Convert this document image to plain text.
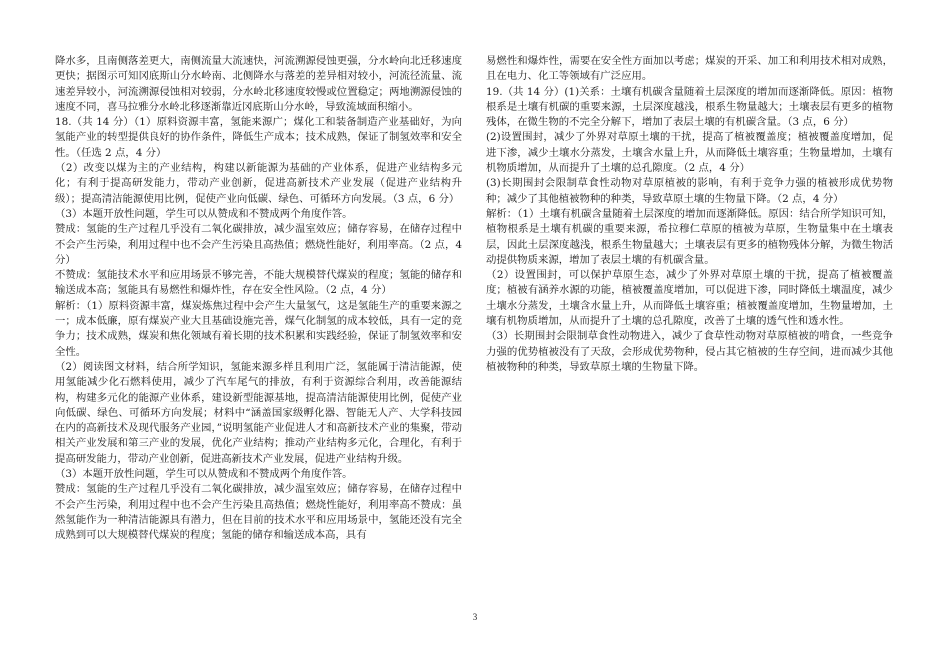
降水多，且南侧落差更大，南侧流量大流速快，河流溯源侵蚀更强，分水岭向北迁移速度更快；据图示可知冈底斯山分水岭南、北侧降水与落差的差异相对较小，河流径流量、流速差异较小，河流溯源侵蚀相对较弱，分水岭北移速度较慢或位置稳定；两地溯源侵蚀的速度不同，喜马拉雅分水岭北移逐渐靠近冈底斯山分水岭，导致流域面积缩小。

18.（共 14 分）（1）原料资源丰富，氢能来源广；煤化工和装备制造产业基础好，为向氢能产业的转型提供良好的协作条件，降低生产成本；技术成熟，保证了制氢效率和安全性。（任选 2 点，4 分）

（2）改变以煤为主的产业结构，构建以新能源为基础的产业体系，促进产业结构多元化；有利于提高研发能力，带动产业创新，促进高新技术产业发展（促进产业结构升级）；提高清洁能源使用比例，促使产业向低碳、绿色、可循环方向发展。（3 点，6 分）

（3）本题开放性问题，学生可以从赞成和不赞成两个角度作答。

赞成：氢能的生产过程几乎没有二氧化碳排放，减少温室效应；储存容易，在储存过程中不会产生污染，利用过程中也不会产生污染且高热值；燃烧性能好，利用率高。（2 点，4 分）

不赞成：氢能技术水平和应用场景不够完善，不能大规模替代煤炭的程度；氢能的储存和输送成本高；氢能具有易燃性和爆炸性，存在安全性风险。（2 点，4 分）

解析：（1）原料资源丰富，煤炭炼焦过程中会产生大量氢气，这是氢能生产的重要来源之一；成本低廉，原有煤炭产业大且基础设施完善，煤气化制氢的成本较低，具有一定的竞争力；技术成熟，煤炭和焦化领域有着长期的技术积累和实践经验，保证了制氢效率和安全性。

（2）阅读图文材料，结合所学知识，氢能来源多样且利用广泛，氢能属于清洁能源，使用氢能减少化石燃料使用，减少了汽车尾气的排放，有利于资源综合利用，改善能源结构，构建多元化的能源产业体系，建设新型能源基地，提高清洁能源使用比例，促使产业向低碳、绿色、可循环方向发展；材料中“涵盖国家级孵化器、智能无人产、大学科技园在内的高新技术及现代服务产业园，”说明氢能产业促进人才和高新技术产业的集聚，带动相关产业发展和第三产业的发展，优化产业结构；推动产业结构多元化，合理化，有利于提高研发能力，带动产业创新，促进高新技术产业发展，促进产业结构升级。

（3）本题开放性问题，学生可以从赞成和不赞成两个角度作答。

赞成：氢能的生产过程几乎没有二氧化碳排放，减少温室效应；储存容易，在储存过程中不会产生污染，利用过程中也不会产生污染且高热值；燃烧性能好，利用率高不赞成：虽然氢能作为一种清洁能源具有潜力，但在目前的技术水平和应用场景中，氢能还没有完全成熟到可以大规模替代煤炭的程度；氢能的储存和输送成本高，具有

易燃性和爆炸性，需要在安全性方面加以考虑；煤炭的开采、加工和利用技术相对成熟，且在电力、化工等领域有广泛应用。

19.（共 14 分）(1)关系：土壤有机碳含量随着土层深度的增加而逐渐降低。原因：植物根系是土壤有机碳的重要来源，土层深度越浅，根系生物量越大；土壤表层有更多的植物残体，在微生物的不完全分解下，增加了表层土壤的有机碳含量。（3 点，6 分）

(2)设置围封，减少了外界对草原土壤的干扰，提高了植被覆盖度；植被覆盖度增加，促进下渗，减少土壤水分蒸发，土壤含水量上升，从而降低土壤容重；生物量增加，土壤有机物质增加，从而提升了土壤的总孔隙度。（2 点，4 分）

(3)长期围封会限制草食性动物对草原植被的影响，有利于竞争力强的植被形成优势物种；减少了其他植被物种的种类，导致草原土壤的生物量下降。（2 点，4 分）

解析：（1）土壤有机碳含量随着土层深度的增加而逐渐降低。原因：结合所学知识可知，植物根系是土壤有机碳的重要来源，希拉穆仁草原的植被为草原，生物量集中在土壤表层，因此土层深度越浅，根系生物量越大；土壤表层有更多的植物残体分解，为微生物活动提供物质来源，增加了表层土壤的有机碳含量。

（2）设置围封，可以保护草原生态，减少了外界对草原土壤的干扰，提高了植被覆盖度；植被有涵养水源的功能，植被覆盖度增加，可以促进下渗，同时降低土壤温度，减少土壤水分蒸发，土壤含水量上升，从而降低土壤容重；植被覆盖度增加，生物量增加，土壤有机物质增加，从而提升了土壤的总孔隙度，改善了土壤的透气性和透水性。

（3）长期围封会限制草食性动物进入，减少了食草性动物对草原植被的啃食，一些竞争力强的优势植被没有了天敌，会形成优势物种，侵占其它植被的生存空间，进而减少其他植被物种的种类，导致草原土壤的生物量下降。

3
